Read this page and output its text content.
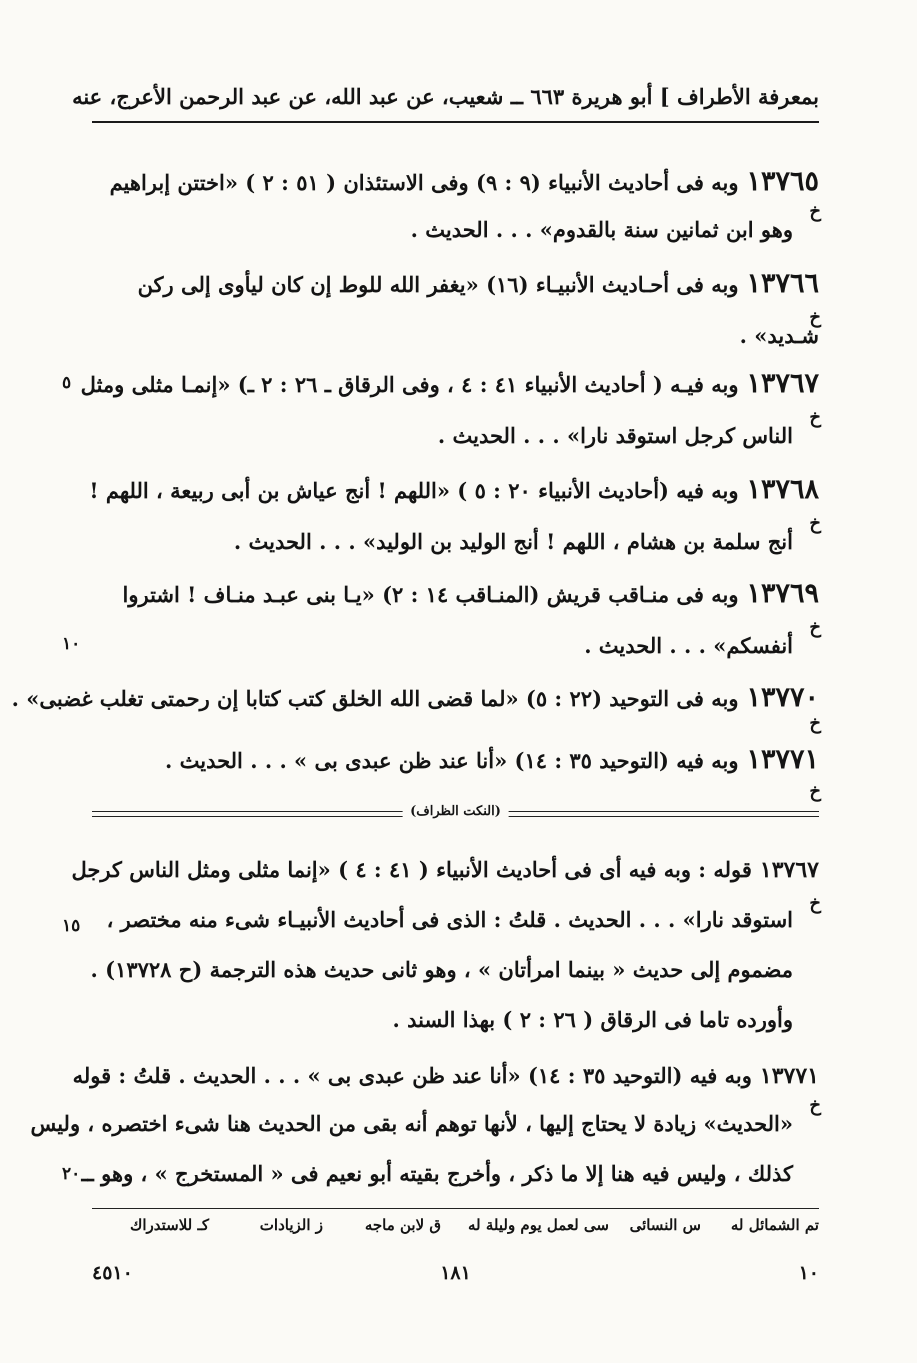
بمعرفة الأطراف ] أبو هريرة ٦٦٣ ــ شعيب، عن عبد الله، عن عبد الرحمن الأعرج، عنه
١٣٧٦٥وبه فى أحاديث الأنبياء (٩ : ٩) وفى الاستئذان ( ٥١ : ٢ ) «اختتن إبراهيم
خ
وهو ابن ثمانين سنة بالقدوم» . . . الحديث .
١٣٧٦٦وبه فى أحـاديث الأنبيـاء (١٦) «يغفر الله للوط إن كان ليأوى إلى ركن
خ
شـديد» .
١٣٧٦٧وبه فيـه ( أحاديث الأنبياء ٤١ : ٤ ، وفى الرقاق ـ ٢٦ : ٢ ـ) «إنمـا مثلى ومثل
خ
الناس كرجل استوقد نارا» . . . الحديث .
٥
١٣٧٦٨وبه فيه (أحاديث الأنبياء ٢٠ : ٥ ) «اللهم ! أنج عياش بن أبى ربيعة ، اللهم !
خ
أنج سلمة بن هشام ، اللهم ! أنج الوليد بن الوليد» . . . الحديث .
١٣٧٦٩وبه فى منـاقب قريش (المنـاقب ١٤ : ٢) «يـا بنى عبـد منـاف ! اشتروا
خ
أنفسكم» . . . الحديث .
١٠
١٣٧٧٠وبه فى التوحيد (٢٢ : ٥) «لما قضى الله الخلق كتب كتابا إن رحمتى تغلب غضبى» .
خ
١٣٧٧١وبه فيه (التوحيد ٣٥ : ١٤) «أنا عند ظن عبدى بى » . . . الحديث .
خ
(النكت الظراف)
١٣٧٦٧قوله : وبه فيه أى فى أحاديث الأنبياء ( ٤١ : ٤ ) «إنما مثلى ومثل الناس كرجل
خ
استوقد نارا» . . . الحديث . قلتُ : الذى فى أحاديث الأنبيـاء شىء منه مختصر ،
مضموم إلى حديث « بينما امرأتان » ، وهو ثانى حديث هذه الترجمة (ح ١٣٧٢٨) .
وأورده تاما فى الرقاق ( ٢٦ : ٢ ) بهذا السند .
١٥
١٣٧٧١وبه فيه (التوحيد ٣٥ : ١٤) «أنا عند ظن عبدى بى » . . . الحديث . قلتُ : قوله
خ
«الحديث» زيادة لا يحتاج إليها ، لأنها توهم أنه بقى من الحديث هنا شىء اختصره ، وليس
كذلك ، وليس فيه هنا إلا ما ذكر ، وأخرج بقيته أبو نعيم فى « المستخرج » ، وهو ــ
٢٠
تم الشمائل له
س النسائى
سى لعمل يوم وليلة له
ق لابن ماجه
ز الزيادات
كـ للاستدراك
١٠
١٨١
٤٥١٠
